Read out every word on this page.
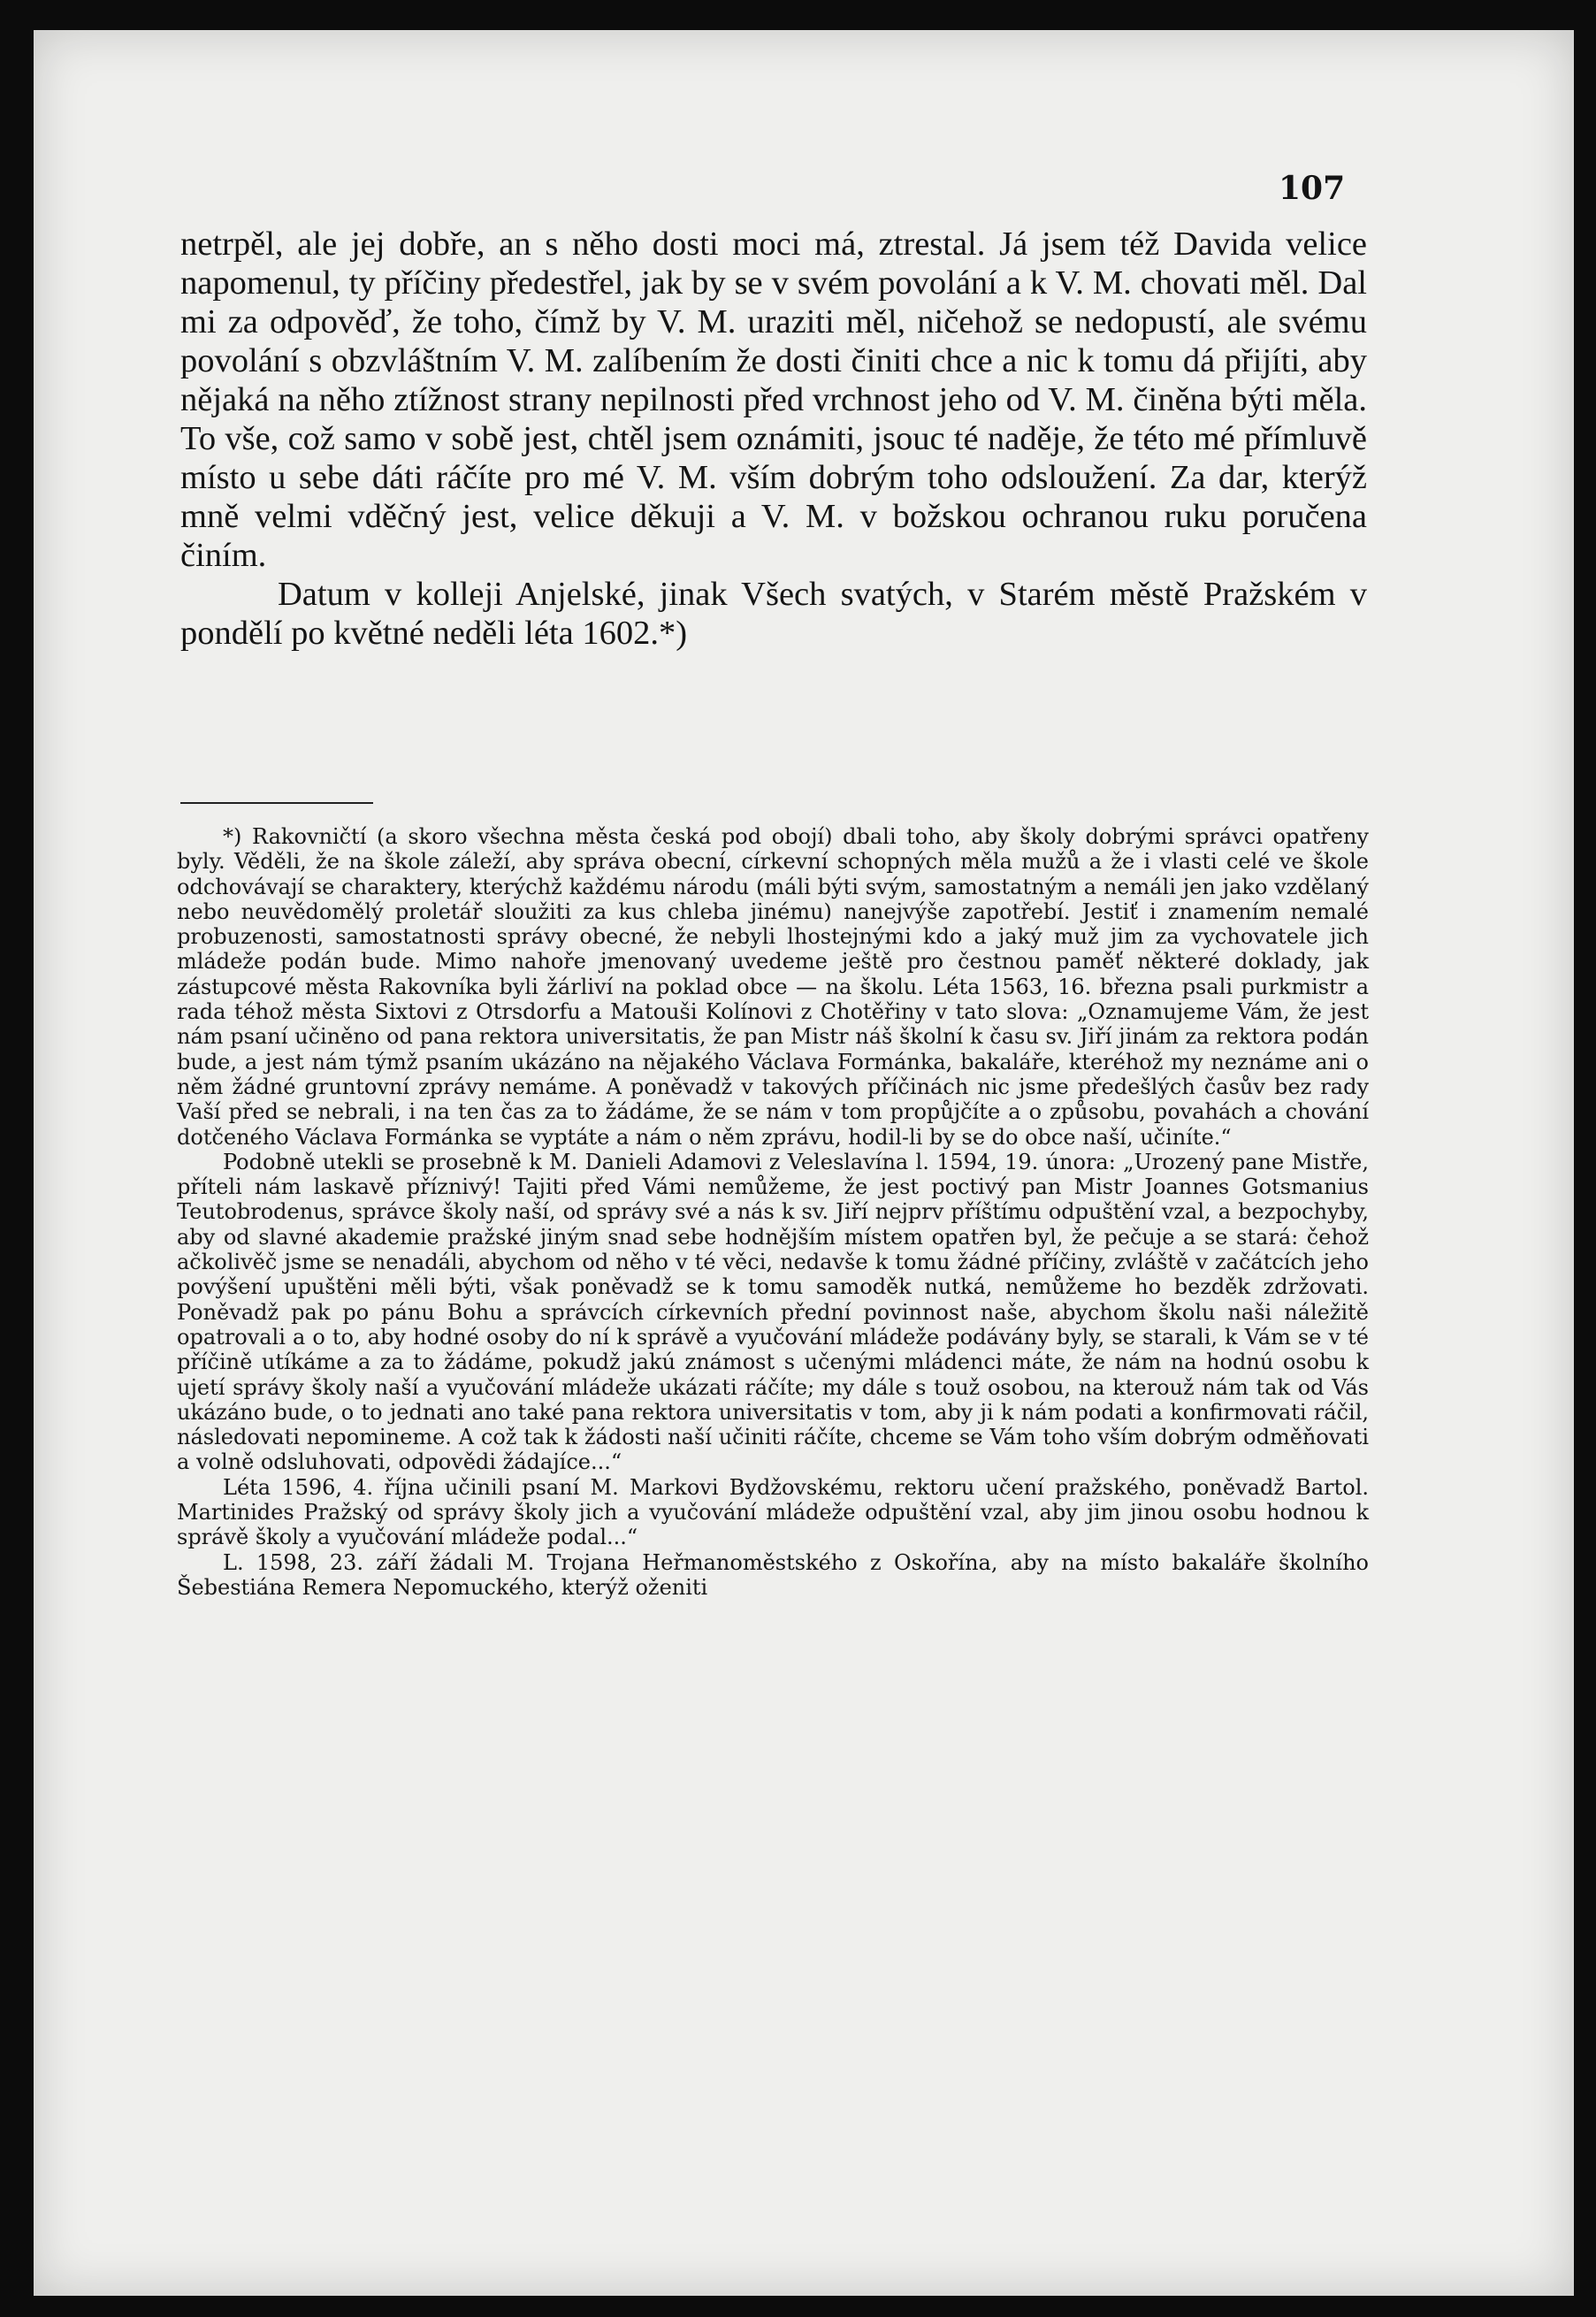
107

netrpěl, ale jej dobře, an s něho dosti moci má, ztrestal. Já jsem též Davida velice napomenul, ty příčiny předestřel, jak by se v svém povolání a k V. M. chovati měl. Dal mi za odpověď, že toho, čímž by V. M. uraziti měl, ničehož se nedopustí, ale svému povolání s obzvláštním V. M. zalíbením že dosti činiti chce a nic k tomu dá přijíti, aby nějaká na něho ztížnost strany nepilnosti před vrchnost jeho od V. M. činěna býti měla. To vše, což samo v sobě jest, chtěl jsem oznámiti, jsouc té naděje, že této mé přímluvě místo u sebe dáti ráčíte pro mé V. M. vším dobrým toho odsloužení. Za dar, kterýž mně velmi vděčný jest, velice děkuji a V. M. v božskou ochranou ruku poručena činím.

Datum v kolleji Anjelské, jinak Všech svatých, v Starém městě Pražském v pondělí po květné neděli léta 1602.*)

*) Rakovničtí (a skoro všechna města česká pod obojí) dbali toho, aby školy dobrými správci opatřeny byly. Věděli, že na škole záleží, aby správa obecní, církevní schopných měla mužů a že i vlasti celé ve škole odchovávají se charaktery, kterýchž každému národu (máli býti svým, samostatným a nemáli jen jako vzdělaný nebo neuvědomělý proletář sloužiti za kus chleba jinému) nanejvýše zapotřebí. Jestiť i znamením nemalé probuzenosti, samostatnosti správy obecné, že nebyli lhostejnými kdo a jaký muž jim za vychovatele jich mládeže podán bude. Mimo nahoře jmenovaný uvedeme ještě pro čestnou paměť některé doklady, jak zástupcové města Rakovníka byli žárliví na poklad obce — na školu. Léta 1563, 16. března psali purkmistr a rada téhož města Sixtovi z Otrsdorfu a Matouši Kolínovi z Chotěřiny v tato slova: „Oznamujeme Vám, že jest nám psaní učiněno od pana rektora universitatis, že pan Mistr náš školní k času sv. Jiří jinám za rektora podán bude, a jest nám týmž psaním ukázáno na nějakého Václava Formánka, bakaláře, kteréhož my neznáme ani o něm žádné gruntovní zprávy nemáme. A poněvadž v takových příčinách nic jsme předešlých časův bez rady Vaší před se nebrali, i na ten čas za to žádáme, že se nám v tom propůjčíte a o způsobu, povahách a chování dotčeného Václava Formánka se vyptáte a nám o něm zprávu, hodil-li by se do obce naší, učiníte.“

Podobně utekli se prosebně k M. Danieli Adamovi z Veleslavína l. 1594, 19. února: „Urozený pane Mistře, příteli nám laskavě příznivý! Tajiti před Vámi nemůžeme, že jest poctivý pan Mistr Joannes Gotsmanius Teutobrodenus, správce školy naší, od správy své a nás k sv. Jiří nejprv příštímu odpuštění vzal, a bezpochyby, aby od slavné akademie pražské jiným snad sebe hodnějším místem opatřen byl, že pečuje a se stará: čehož ačkolivěč jsme se nenadáli, abychom od něho v té věci, nedavše k tomu žádné příčiny, zvláště v začátcích jeho povýšení upuštěni měli býti, však poněvadž se k tomu samoděk nutká, nemůžeme ho bezděk zdržovati. Poněvadž pak po pánu Bohu a správcích církevních přední povinnost naše, abychom školu naši náležitě opatrovali a o to, aby hodné osoby do ní k správě a vyučování mládeže podávány byly, se starali, k Vám se v té příčině utíkáme a za to žádáme, pokudž jakú známost s učenými mládenci máte, že nám na hodnú osobu k ujetí správy školy naší a vyučování mládeže ukázati ráčíte; my dále s touž osobou, na kterouž nám tak od Vás ukázáno bude, o to jednati ano také pana rektora universitatis v tom, aby ji k nám podati a konfirmovati ráčil, následovati nepomineme. A což tak k žádosti naší učiniti ráčíte, chceme se Vám toho vším dobrým odměňovati a volně odsluhovati, odpovědi žádajíce...“

Léta 1596, 4. října učinili psaní M. Markovi Bydžovskému, rektoru učení pražského, poněvadž Bartol. Martinides Pražský od správy školy jich a vyučování mládeže odpuštění vzal, aby jim jinou osobu hodnou k správě školy a vyučování mládeže podal...“

L. 1598, 23. září žádali M. Trojana Heřmanoměstského z Oskořína, aby na místo bakaláře školního Šebestiána Remera Nepomuckého, kterýž oženiti
